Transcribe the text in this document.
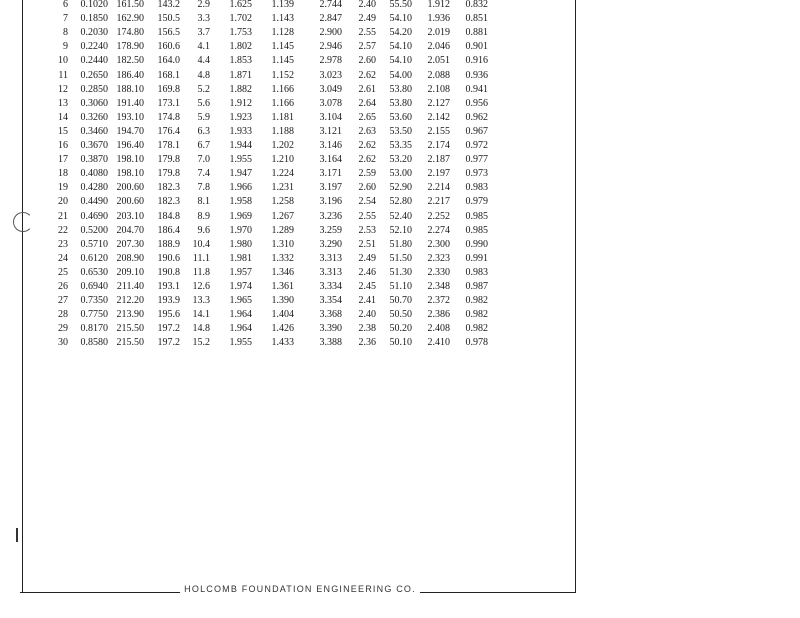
6	0.1020 161.50	143.2	2.9	1.625	1.139	2.744	2.40	55.50	1.912	0.832
7	0.1850 162.90	150.5	3.3	1.702	1.143	2.847	2.49	54.10	1.936	0.851
8	0.2030 174.80	156.5	3.7	1.753	1.128	2.900	2.55	54.20	2.019	0.881
9	0.2240 178.90	160.6	4.1	1.802	1.145	2.946	2.57	54.10	2.046	0.901
10	0.2440 182.50	164.0	4.4	1.853	1.145	2.978	2.60	54.10	2.051	0.916
11	0.2650 186.40	168.1	4.8	1.871	1.152	3.023	2.62	54.00	2.088	0.936
12	0.2850 188.10	169.8	5.2	1.882	1.166	3.049	2.61	53.80	2.108	0.941
13	0.3060 191.40	173.1	5.6	1.912	1.166	3.078	2.64	53.80	2.127	0.956
14	0.3260 193.10	174.8	5.9	1.923	1.181	3.104	2.65	53.60	2.142	0.962
15	0.3460 194.70	176.4	6.3	1.933	1.188	3.121	2.63	53.50	2.155	0.967
16	0.3670 196.40	178.1	6.7	1.944	1.202	3.146	2.62	53.35	2.174	0.972
17	0.3870 198.10	179.8	7.0	1.955	1.210	3.164	2.62	53.20	2.187	0.977
18	0.4080 198.10	179.8	7.4	1.947	1.224	3.171	2.59	53.00	2.197	0.973
19	0.4280 200.60	182.3	7.8	1.966	1.231	3.197	2.60	52.90	2.214	0.983
20	0.4490 200.60	182.3	8.1	1.958	1.258	3.196	2.54	52.80	2.217	0.979
21	0.4690 203.10	184.8	8.9	1.969	1.267	3.236	2.55	52.40	2.252	0.985
22	0.5200 204.70	186.4	9.6	1.970	1.289	3.259	2.53	52.10	2.274	0.985
23	0.5710 207.30	188.9	10.4	1.980	1.310	3.290	2.51	51.80	2.300	0.990
24	0.6120 208.90	190.6	11.1	1.981	1.332	3.313	2.49	51.50	2.323	0.991
25	0.6530 209.10	190.8	11.8	1.957	1.346	3.313	2.46	51.30	2.330	0.983
26	0.6940 211.40	193.1	12.6	1.974	1.361	3.334	2.45	51.10	2.348	0.987
27	0.7350 212.20	193.9	13.3	1.965	1.390	3.354	2.41	50.70	2.372	0.982
28	0.7750 213.90	195.6	14.1	1.964	1.404	3.368	2.40	50.50	2.386	0.982
29	0.8170 215.50	197.2	14.8	1.964	1.426	3.390	2.38	50.20	2.408	0.982
30	0.8580 215.50	197.2	15.2	1.955	1.433	3.388	2.36	50.10	2.410	0.978
HOLCOMB FOUNDATION ENGINEERING CO.
